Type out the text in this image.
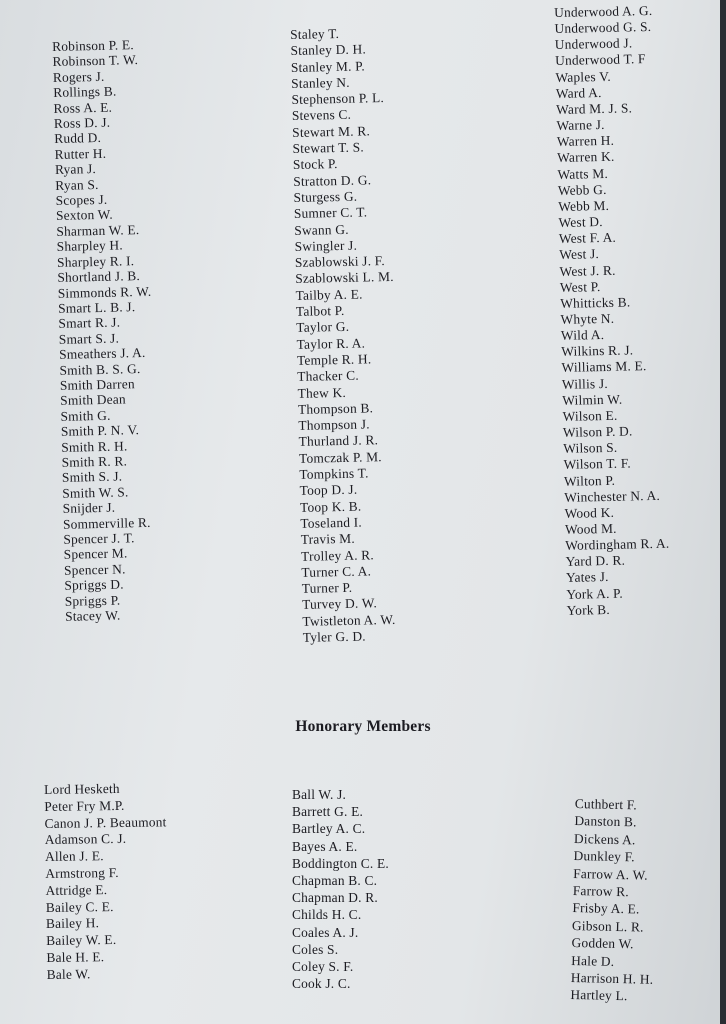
Robinson P. E.
Robinson T. W.
Rogers J.
Rollings B.
Ross A. E.
Ross D. J.
Rudd D.
Rutter H.
Ryan J.
Ryan S.
Scopes J.
Sexton W.
Sharman W. E.
Sharpley H.
Sharpley R. I.
Shortland J. B.
Simmonds R. W.
Smart L. B. J.
Smart R. J.
Smart S. J.
Smeathers J. A.
Smith B. S. G.
Smith Darren
Smith Dean
Smith G.
Smith P. N. V.
Smith R. H.
Smith R. R.
Smith S. J.
Smith W. S.
Snijder J.
Sommerville R.
Spencer J. T.
Spencer M.
Spencer N.
Spriggs D.
Spriggs P.
Stacey W.
Staley T.
Stanley D. H.
Stanley M. P.
Stanley N.
Stephenson P. L.
Stevens C.
Stewart M. R.
Stewart T. S.
Stock P.
Stratton D. G.
Sturgess G.
Sumner C. T.
Swann G.
Swingler J.
Szablowski J. F.
Szablowski L. M.
Tailby A. E.
Talbot P.
Taylor G.
Taylor R. A.
Temple R. H.
Thacker C.
Thew K.
Thompson B.
Thompson J.
Thurland J. R.
Tomczak P. M.
Tompkins T.
Toop D. J.
Toop K. B.
Toseland I.
Travis M.
Trolley A. R.
Turner C. A.
Turner P.
Turvey D. W.
Twistleton A. W.
Tyler G. D.
Underwood A. G.
Underwood G. S.
Underwood J.
Underwood T. F
Waples V.
Ward A.
Ward M. J. S.
Warne J.
Warren H.
Warren K.
Watts M.
Webb G.
Webb M.
West D.
West F. A.
West J.
West J. R.
West P.
Whitticks B.
Whyte N.
Wild A.
Wilkins R. J.
Williams M. E.
Willis J.
Wilmin W.
Wilson E.
Wilson P. D.
Wilson S.
Wilson T. F.
Wilton P.
Winchester N. A.
Wood K.
Wood M.
Wordingham R. A.
Yard D. R.
Yates J.
York A. P.
York B.
Honorary Members
Lord Hesketh
Peter Fry M.P.
Canon J. P. Beaumont
Adamson C. J.
Allen J. E.
Armstrong F.
Attridge E.
Bailey C. E.
Bailey H.
Bailey W. E.
Bale H. E.
Bale W.
Ball W. J.
Barrett G. E.
Bartley A. C.
Bayes A. E.
Boddington C. E.
Chapman B. C.
Chapman D. R.
Childs H. C.
Coales A. J.
Coles S.
Coley S. F.
Cook J. C.
Cuthbert F.
Danston B.
Dickens A.
Dunkley F.
Farrow A. W.
Farrow R.
Frisby A. E.
Gibson L. R.
Godden W.
Hale D.
Harrison H. H.
Hartley L.
